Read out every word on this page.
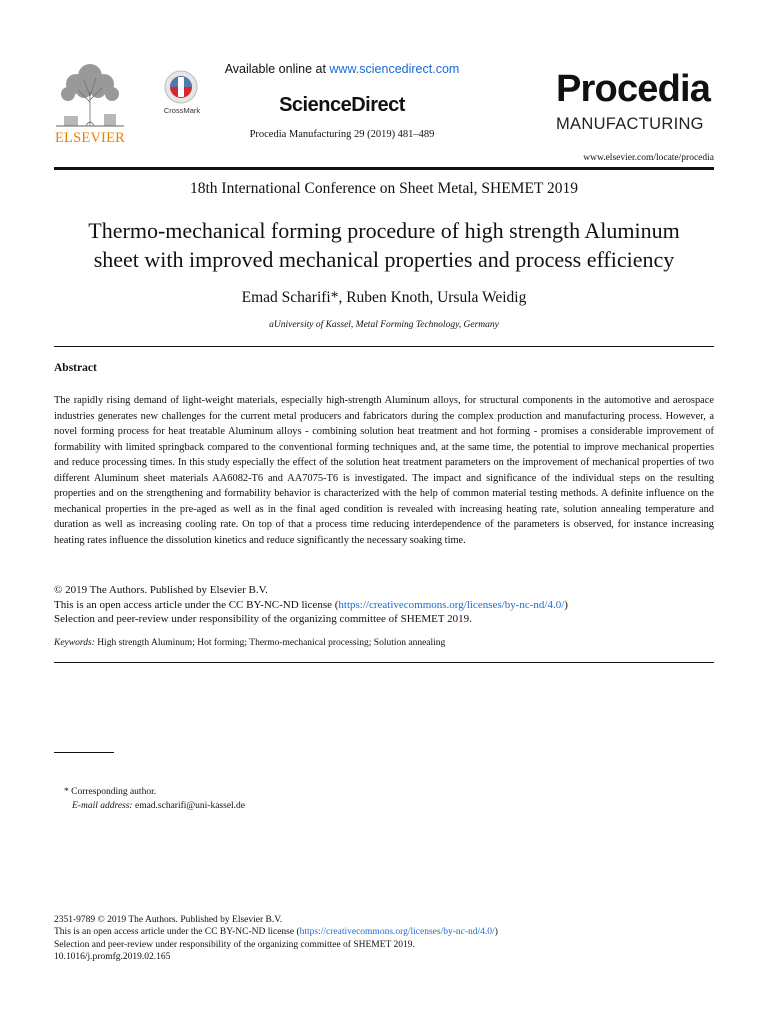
ELSEVIER
CrossMark
Available online at www.sciencedirect.com
ScienceDirect
Procedia Manufacturing 29 (2019) 481–489
Procedia
MANUFACTURING
www.elsevier.com/locate/procedia
18th International Conference on Sheet Metal, SHEMET 2019
Thermo-mechanical forming procedure of high strength Aluminum
sheet with improved mechanical properties and process efficiency
Emad Scharifi*, Ruben Knoth, Ursula Weidig
aUniversity of Kassel, Metal Forming Technology, Germany
Abstract
The rapidly rising demand of light-weight materials, especially high-strength Aluminum alloys, for structural components in the automotive and aerospace industries generates new challenges for the current metal producers and fabricators during the complex production and manufacturing process. However, a novel forming process for heat treatable Aluminum alloys - combining solution heat treatment and hot forming - promises a considerable improvement of formability with limited springback compared to the conventional forming techniques and, at the same time, the potential to improve mechanical properties and reduce processing times. In this study especially the effect of the solution heat treatment parameters on the improvement of mechanical properties of two different Aluminum sheet materials AA6082-T6 and AA7075-T6 is investigated. The impact and significance of the individual steps on the resulting properties and on the strengthening and formability behavior is characterized with the help of common material testing methods. A definite influence on the mechanical properties in the pre-aged as well as in the final aged condition is revealed with increasing heating rate, solution annealing temperature and duration as well as increasing cooling rate. On top of that a process time reducing interdependence of the parameters is observed, for instance increasing heating rates influence the dissolution kinetics and reduce significantly the necessary soaking time.
© 2019 The Authors. Published by Elsevier B.V.
This is an open access article under the CC BY-NC-ND license (https://creativecommons.org/licenses/by-nc-nd/4.0/)
Selection and peer-review under responsibility of the organizing committee of SHEMET 2019.
Keywords: High strength Aluminum; Hot forming; Thermo-mechanical processing; Solution annealing
* Corresponding author.
E-mail address: emad.scharifi@uni-kassel.de
2351-9789 © 2019 The Authors. Published by Elsevier B.V.
This is an open access article under the CC BY-NC-ND license (https://creativecommons.org/licenses/by-nc-nd/4.0/)
Selection and peer-review under responsibility of the organizing committee of SHEMET 2019.
10.1016/j.promfg.2019.02.165
